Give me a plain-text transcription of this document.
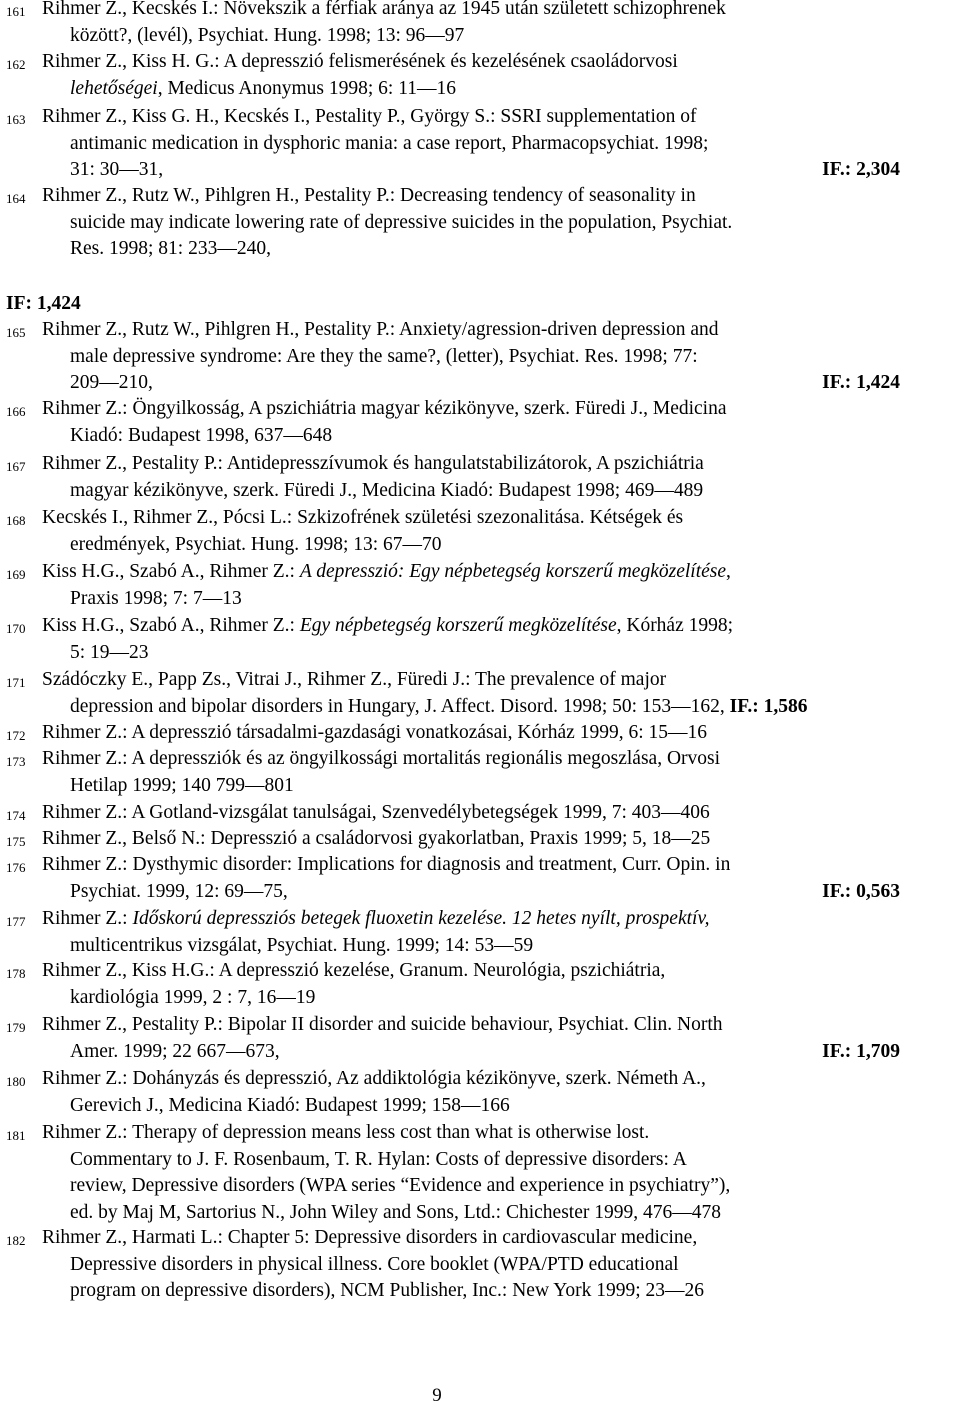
161 Rihmer Z., Kecskés I.: Növekszik a férfiak aránya az 1945 után született schizophrenek
között?, (levél), Psychiat. Hung. 1998; 13: 96—97
162 Rihmer Z., Kiss H. G.: A depresszió felismerésének és kezelésének csaoládorvosi
lehetőségei, Medicus Anonymus 1998; 6: 11—16
163 Rihmer Z., Kiss G. H., Kecskés I., Pestality P., György S.: SSRI supplementation of
antimanic medication in dysphoric mania: a case report, Pharmacopsychiat. 1998;
31: 30—31,	IF.: 2,304
164 Rihmer Z., Rutz W., Pihlgren H., Pestality P.: Decreasing tendency of seasonality in
suicide may indicate lowering rate of depressive suicides in the population, Psychiat.
Res. 1998; 81: 233—240,
IF: 1,424
165 Rihmer Z., Rutz W., Pihlgren H., Pestality P.: Anxiety/agression-driven depression and
male depressive syndrome: Are they the same?, (letter), Psychiat. Res. 1998; 77:
209—210,	IF.: 1,424
166 Rihmer Z.: Öngyilkosság, A pszichiátria magyar kézikönyve, szerk. Füredi J., Medicina
Kiadó: Budapest 1998, 637—648
167 Rihmer Z., Pestality P.: Antidepresszívumok és hangulatstabilizátorok, A pszichiátria
magyar kézikönyve, szerk. Füredi J., Medicina Kiadó: Budapest 1998; 469—489
168 Kecskés I., Rihmer Z., Pócsi L.: Szkizofrének születési szezonalitása. Kétségek és
eredmények, Psychiat. Hung. 1998; 13: 67—70
169 Kiss H.G., Szabó A., Rihmer Z.: A depresszió: Egy népbetegség korszerű megközelítése,
Praxis 1998; 7: 7—13
170 Kiss H.G., Szabó A., Rihmer Z.: Egy népbetegség korszerű megközelítése, Kórház 1998;
5: 19—23
171 Szádóczky E., Papp Zs., Vitrai J., Rihmer Z., Füredi J.: The prevalence of major
depression and bipolar disorders in Hungary, J. Affect. Disord. 1998; 50: 153—162, IF.: 1,586
172 Rihmer Z.: A depresszió társadalmi-gazdasági vonatkozásai, Kórház 1999, 6: 15—16
173 Rihmer Z.: A depressziók és az öngyilkossági mortalitás regionális megoszlása, Orvosi
Hetilap 1999; 140 799—801
174 Rihmer Z.: A Gotland-vizsgálat tanulságai, Szenvedélybetegségek 1999, 7: 403—406
175 Rihmer Z., Belső N.: Depresszió a családorvosi gyakorlatban, Praxis 1999; 5, 18—25
176 Rihmer Z.: Dysthymic disorder: Implications for diagnosis and treatment, Curr. Opin. in
Psychiat. 1999, 12: 69—75,	IF.: 0,563
177 Rihmer Z.: Időskorú depressziós betegek fluoxetin kezelése. 12 hetes nyílt, prospektív,
multicentrikus vizsgálat, Psychiat. Hung. 1999; 14: 53—59
178 Rihmer Z., Kiss H.G.: A depresszió kezelése, Granum. Neurológia, pszichiátria,
kardiológia 1999, 2 : 7, 16—19
179 Rihmer Z., Pestality P.: Bipolar II disorder and suicide behaviour, Psychiat. Clin. North
Amer. 1999; 22 667—673,	IF.: 1,709
180 Rihmer Z.: Dohányzás és depresszió, Az addiktológia kézikönyve, szerk. Németh A.,
Gerevich J., Medicina Kiadó: Budapest 1999; 158—166
181 Rihmer Z.: Therapy of depression means less cost than what is otherwise lost.
Commentary to J. F. Rosenbaum, T. R. Hylan: Costs of depressive disorders: A
review, Depressive disorders (WPA series “Evidence and experience in psychiatry”),
ed. by Maj M, Sartorius N., John Wiley and Sons, Ltd.: Chichester 1999, 476—478
182 Rihmer Z., Harmati L.: Chapter 5: Depressive disorders in cardiovascular medicine,
Depressive disorders in physical illness. Core booklet (WPA/PTD educational
program on depressive disorders), NCM Publisher, Inc.: New York 1999; 23—26
9
